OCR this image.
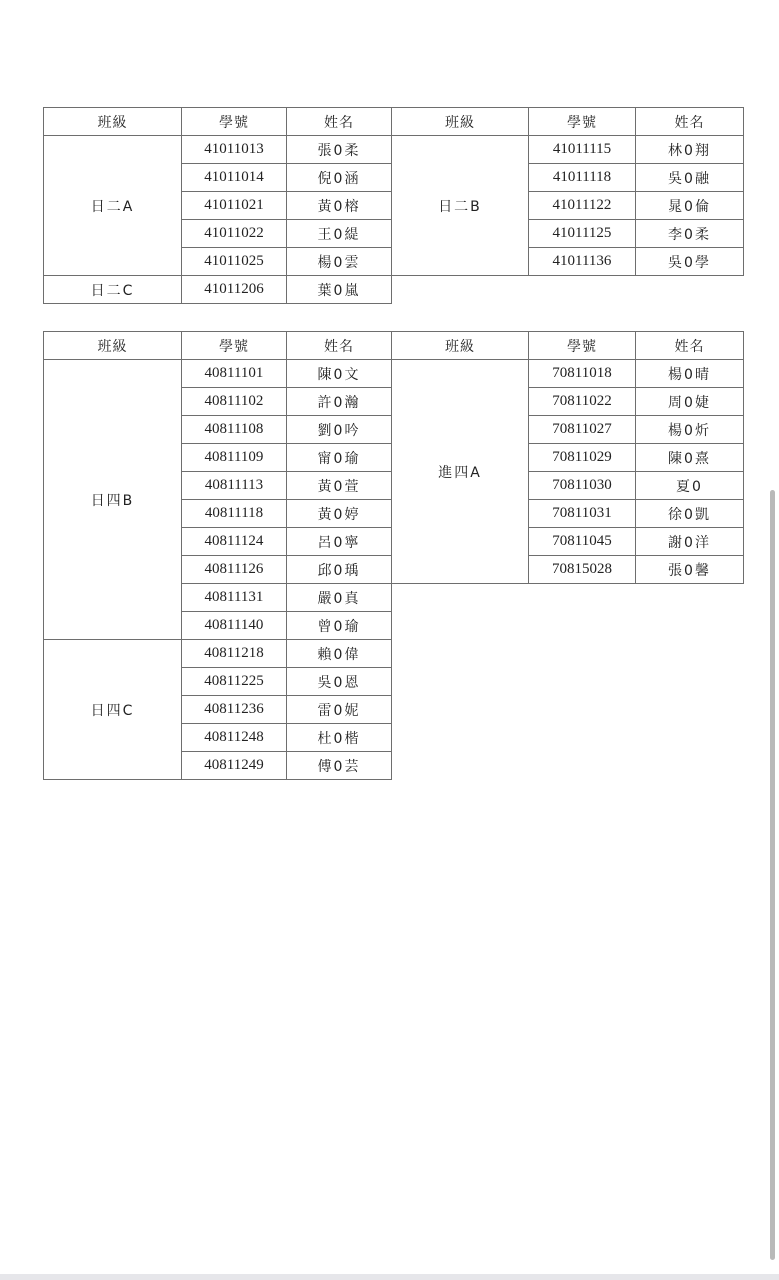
班級	學號	姓名	班級	學號	姓名
日二A	41011013	張0柔	日二B	41011115	林0翔
	41011014	倪0涵		41011118	吳0融
	41011021	黃0榕		41011122	晁0倫
	41011022	王0緹		41011125	李0柔
	41011025	楊0雲		41011136	吳0學
日二C	41011206	葉0嵐			
班級	學號	姓名	班級	學號	姓名
日四B	40811101	陳0文	進四A	70811018	楊0晴
	40811102	許0瀚		70811022	周0婕
	40811108	劉0吟		70811027	楊0炘
	40811109	甯0瑜		70811029	陳0熹
	40811113	黃0萱		70811030	夏0
	40811118	黃0婷		70811031	徐0凱
	40811124	呂0寧		70811045	謝0洋
	40811126	邱0瑀		70815028	張0馨
	40811131	嚴0真			
	40811140	曾0瑜			
日四C	40811218	賴0偉			
	40811225	吳0恩			
	40811236	雷0妮			
	40811248	杜0楷			
	40811249	傅0芸			
